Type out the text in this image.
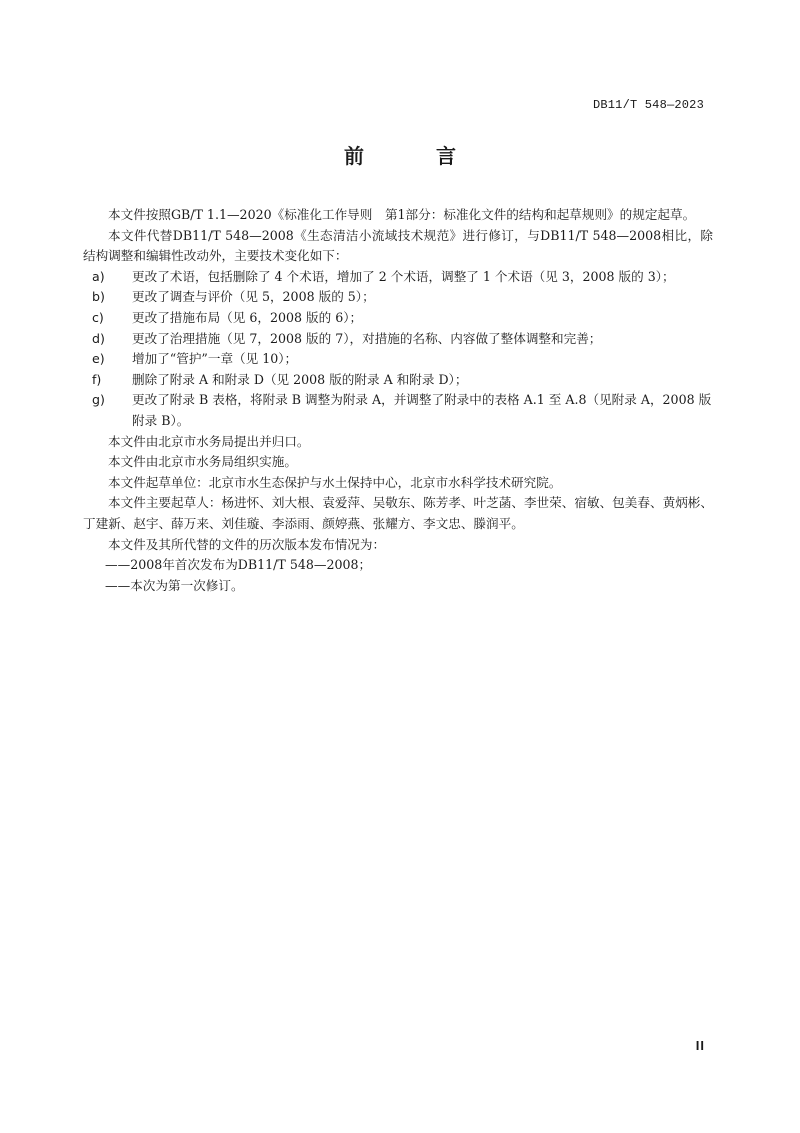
DB11/T 548—2023
前　言

本文件按照GB/T 1.1—2020《标准化工作导则　第1部分：标准化文件的结构和起草规则》的规定起草。

本文件代替DB11/T 548—2008《生态清洁小流域技术规范》进行修订，与DB11/T 548—2008相比，除结构调整和编辑性改动外，主要技术变化如下：

a)	更改了术语，包括删除了 4 个术语，增加了 2 个术语，调整了 1 个术语（见 3，2008 版的 3）；
b)	更改了调查与评价（见 5，2008 版的 5）；
c)	更改了措施布局（见 6，2008 版的 6）；
d)	更改了治理措施（见 7，2008 版的 7），对措施的名称、内容做了整体调整和完善；
e)	增加了“管护”一章（见 10）；
f)	删除了附录 A 和附录 D（见 2008 版的附录 A 和附录 D）；
g)	更改了附录 B 表格，将附录 B 调整为附录 A，并调整了附录中的表格 A.1 至 A.8（见附录 A，2008 版附录 B）。

本文件由北京市水务局提出并归口。

本文件由北京市水务局组织实施。

本文件起草单位：北京市水生态保护与水土保持中心，北京市水科学技术研究院。

本文件主要起草人：杨进怀、刘大根、袁爱萍、吴敬东、陈芳孝、叶芝菡、李世荣、宿敏、包美春、黄炳彬、丁建新、赵宇、薛万来、刘佳璇、李添雨、颜婷燕、张耀方、李文忠、滕润平。

本文件及其所代替的文件的历次版本发布情况为：

——2008年首次发布为DB11/T 548—2008；

——本次为第一次修订。

II
